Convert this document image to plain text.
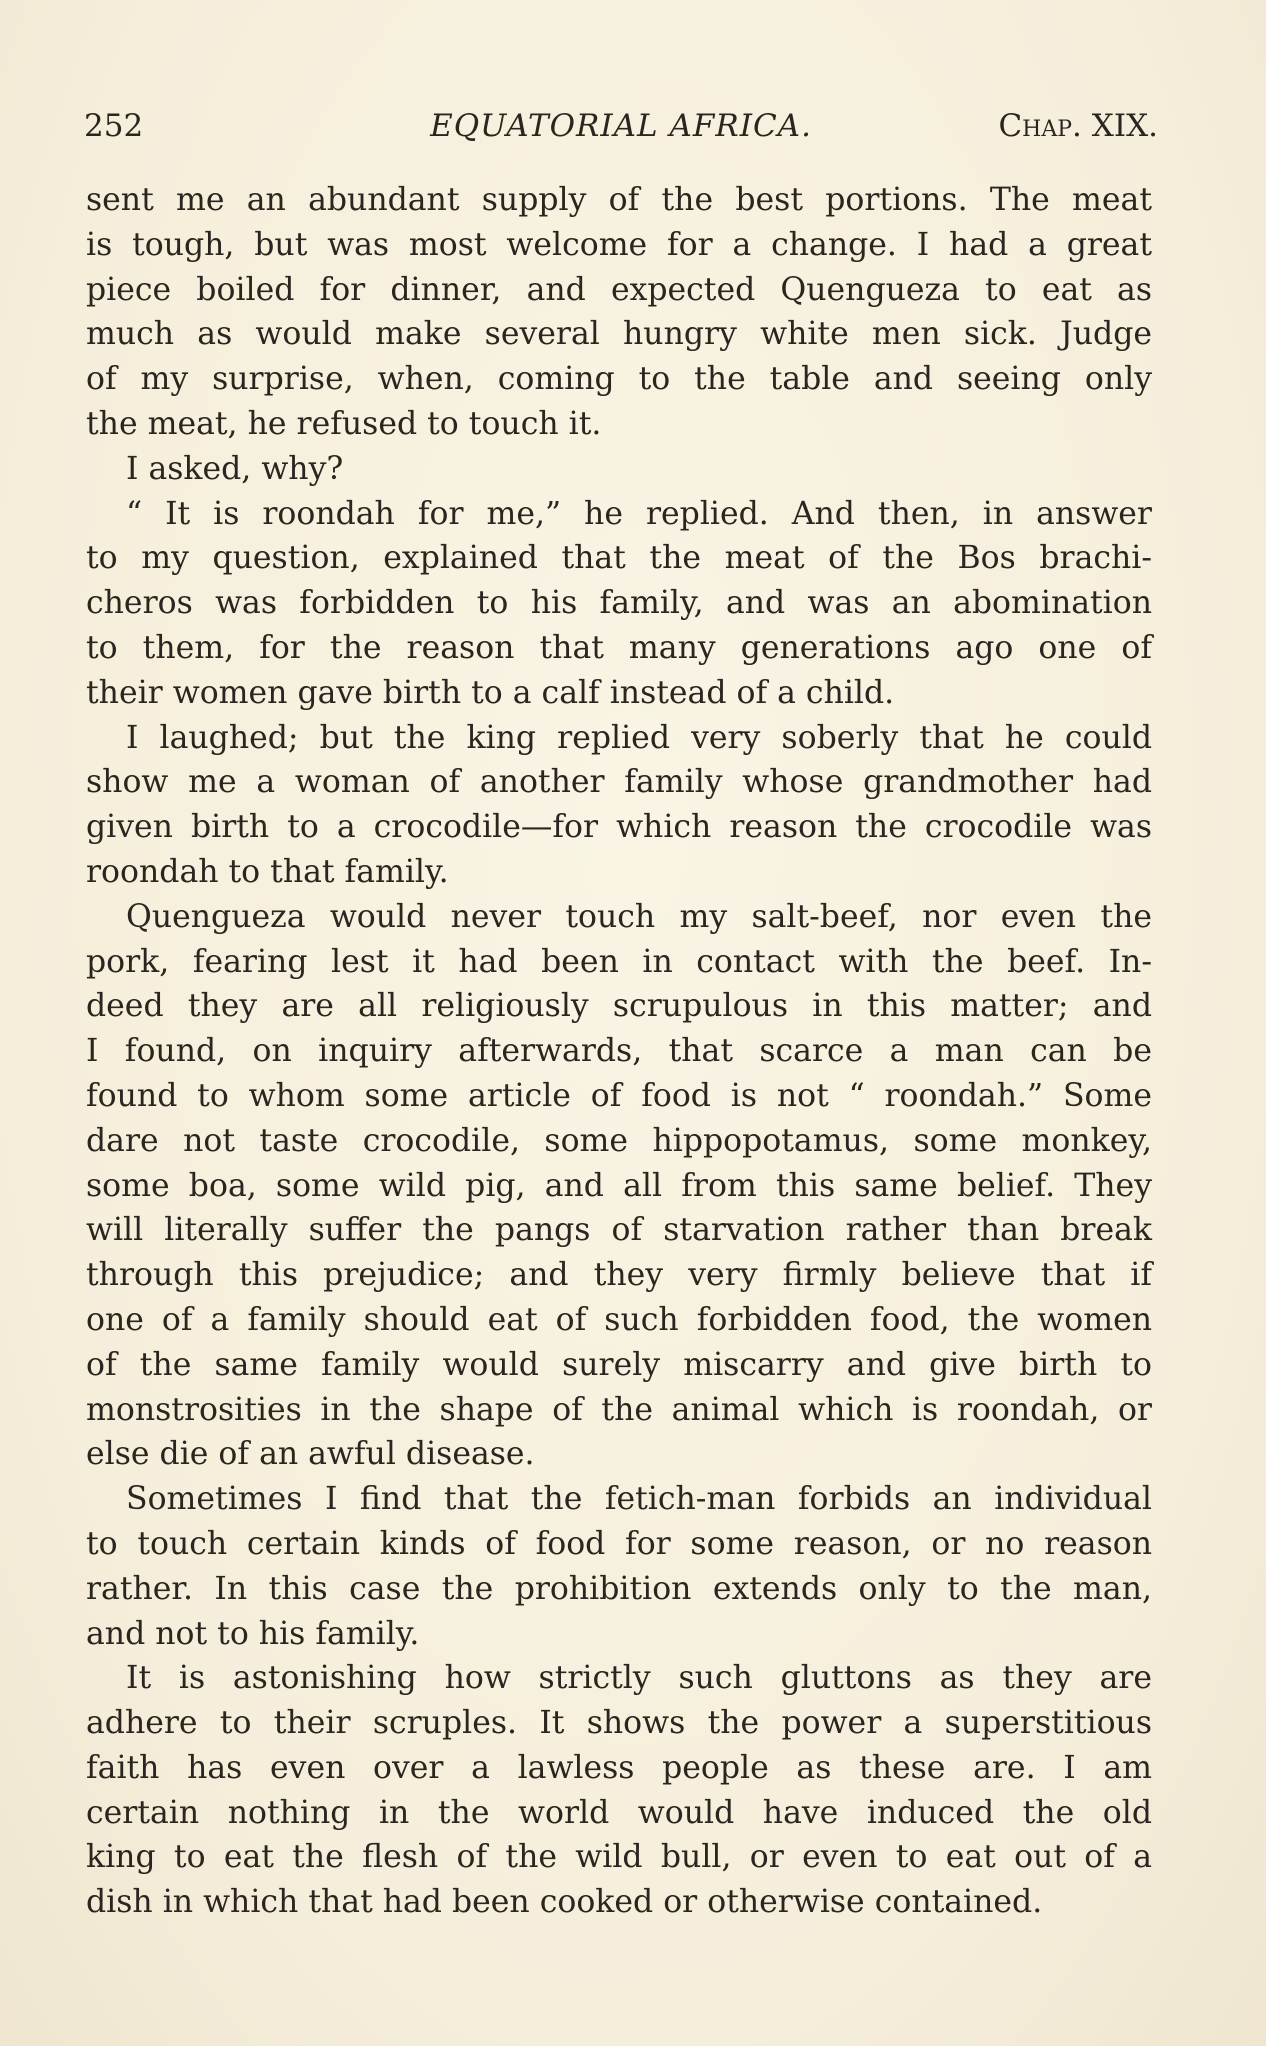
252	EQUATORIAL AFRICA.	Chap. XIX.
sent me an abundant supply of the best portions. The meat
is tough, but was most welcome for a change. I had a great
piece boiled for dinner, and expected Quengueza to eat as
much as would make several hungry white men sick. Judge
of my surprise, when, coming to the table and seeing only
the meat, he refused to touch it.
I asked, why?
“ It is roondah for me,” he replied. And then, in answer
to my question, explained that the meat of the Bos brachi-
cheros was forbidden to his family, and was an abomination
to them, for the reason that many generations ago one of
their women gave birth to a calf instead of a child.
I laughed; but the king replied very soberly that he could
show me a woman of another family whose grandmother had
given birth to a crocodile—for which reason the crocodile was
roondah to that family.
Quengueza would never touch my salt-beef, nor even the
pork, fearing lest it had been in contact with the beef. In-
deed they are all religiously scrupulous in this matter; and
I found, on inquiry afterwards, that scarce a man can be
found to whom some article of food is not “ roondah.” Some
dare not taste crocodile, some hippopotamus, some monkey,
some boa, some wild pig, and all from this same belief. They
will literally suffer the pangs of starvation rather than break
through this prejudice; and they very firmly believe that if
one of a family should eat of such forbidden food, the women
of the same family would surely miscarry and give birth to
monstrosities in the shape of the animal which is roondah, or
else die of an awful disease.
Sometimes I find that the fetich-man forbids an individual
to touch certain kinds of food for some reason, or no reason
rather. In this case the prohibition extends only to the man,
and not to his family.
It is astonishing how strictly such gluttons as they are
adhere to their scruples. It shows the power a superstitious
faith has even over a lawless people as these are. I am
certain nothing in the world would have induced the old
king to eat the flesh of the wild bull, or even to eat out of a
dish in which that had been cooked or otherwise contained.
